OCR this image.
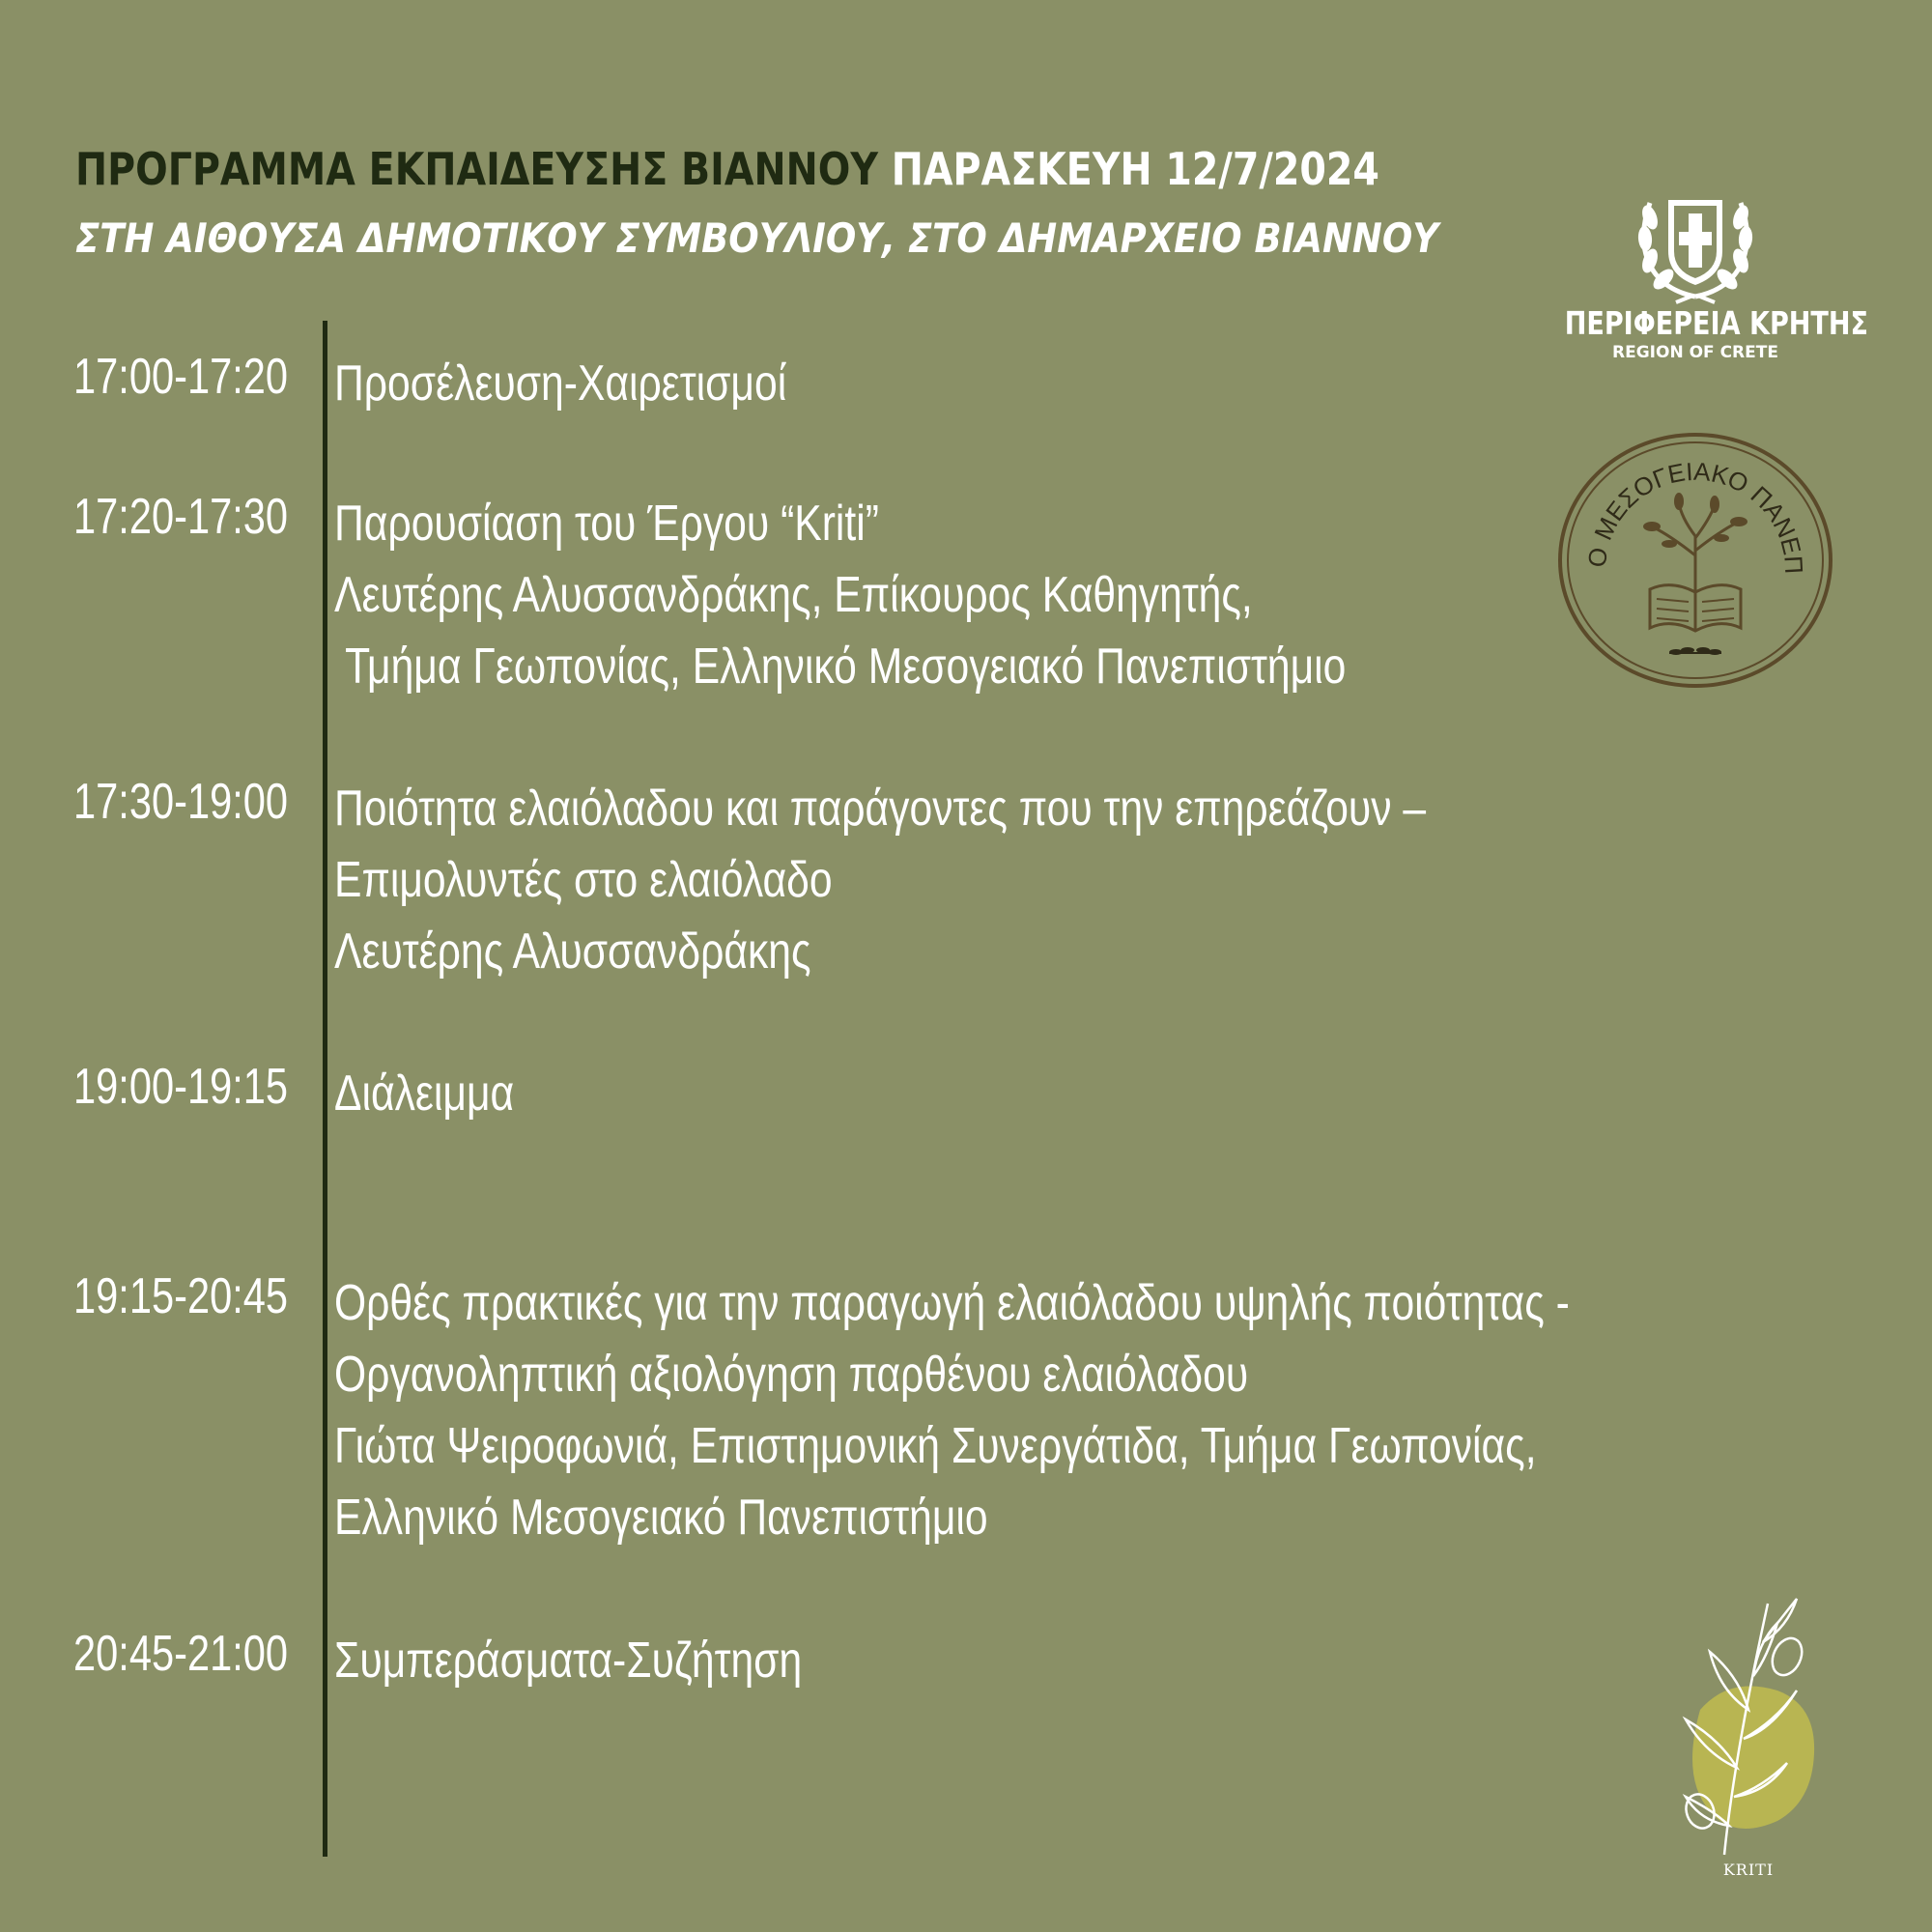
ΠΡΟΓΡΑΜΜΑ ΕΚΠΑΙΔΕΥΣΗΣ ΒΙΑΝΝΟΥ ΠΑΡΑΣΚΕΥΗ 12/7/2024
ΣΤΗ ΑΙΘΟΥΣΑ ΔΗΜΟΤΙΚΟΥ ΣΥΜΒΟΥΛΙΟΥ, ΣΤΟ ΔΗΜΑΡΧΕΙΟ ΒΙΑΝΝΟΥ
17:00-17:20 Προσέλευση-Χαιρετισμοί
17:20-17:30 Παρουσίαση του Έργου “Kriti”
Λευτέρης Αλυσσανδράκης, Επίκουρος Καθηγητής,
Τμήμα Γεωπονίας, Ελληνικό Μεσογειακό Πανεπιστήμιο
17:30-19:00 Ποιότητα ελαιόλαδου και παράγοντες που την επηρεάζουν –
Επιμολυντές στο ελαιόλαδο
Λευτέρης Αλυσσανδράκης
19:00-19:15 Διάλειμμα
19:15-20:45 Ορθές πρακτικές για την παραγωγή ελαιόλαδου υψηλής ποιότητας -
Οργανοληπτική αξιολόγηση παρθένου ελαιόλαδου
Γιώτα Ψειροφωνιά, Επιστημονική Συνεργάτιδα, Τμήμα Γεωπονίας,
Ελληνικό Μεσογειακό Πανεπιστήμιο
20:45-21:00 Συμπεράσματα-Συζήτηση
ΠΕΡΙΦΕΡΕΙΑ ΚΡΗΤΗΣ
REGION OF CRETE
Ο ΜΕΣΟΓΕΙΑΚΟ ΠΑΝΕΠ
KRITI
